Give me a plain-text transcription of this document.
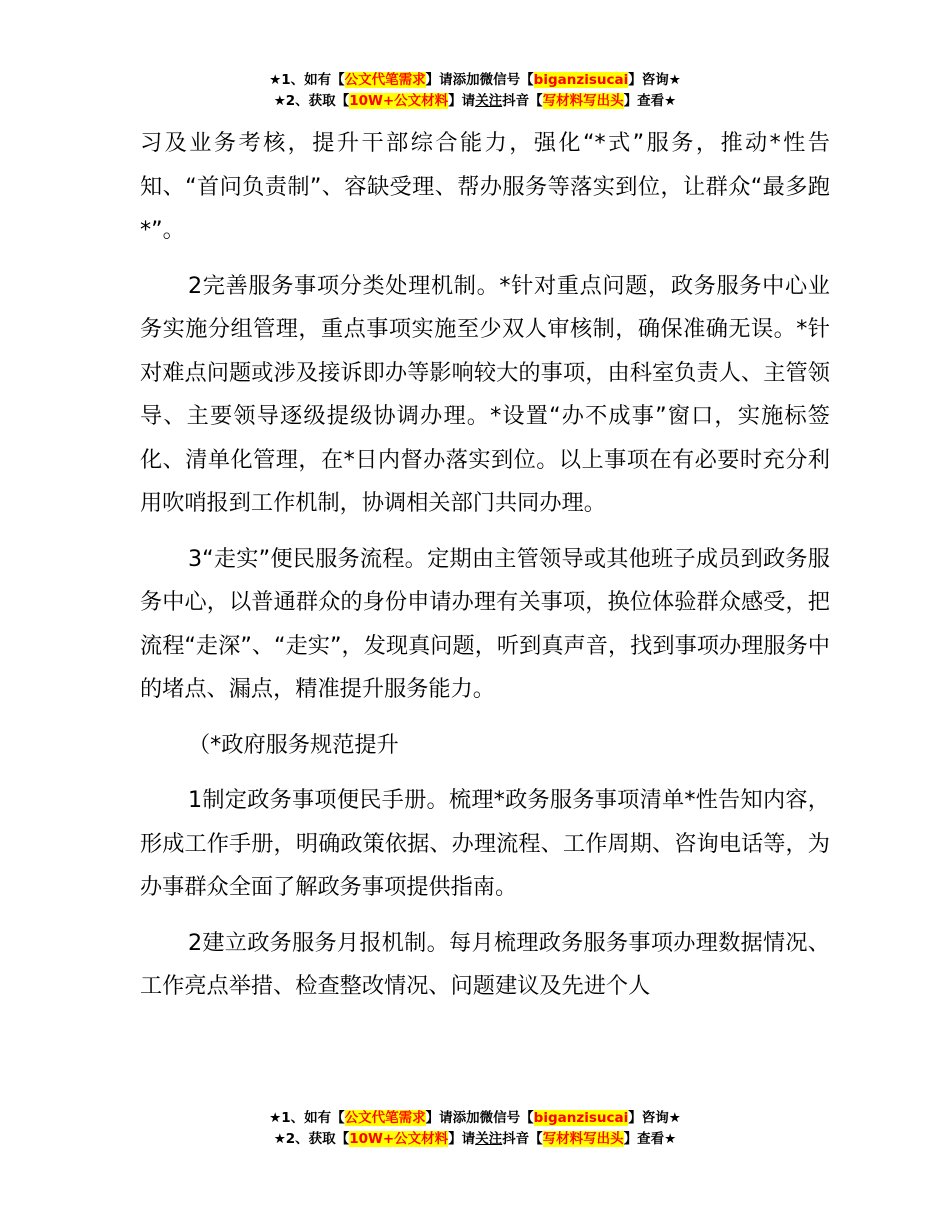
★1、如有【公文代笔需求】请添加微信号【biganzisucai】咨询★
★2、获取【10W+公文材料】请关注抖音【写材料写出头】查看★

习及业务考核，提升干部综合能力，强化“*式”服务，推动*性告知、“首问负责制”、容缺受理、帮办服务等落实到位，让群众“最多跑*”。

2完善服务事项分类处理机制。*针对重点问题，政务服务中心业务实施分组管理，重点事项实施至少双人审核制，确保准确无误。*针对难点问题或涉及接诉即办等影响较大的事项，由科室负责人、主管领导、主要领导逐级提级协调办理。*设置“办不成事”窗口，实施标签化、清单化管理，在*日内督办落实到位。以上事项在有必要时充分利用吹哨报到工作机制，协调相关部门共同办理。

3“走实”便民服务流程。定期由主管领导或其他班子成员到政务服务中心，以普通群众的身份申请办理有关事项，换位体验群众感受，把流程“走深”、“走实”，发现真问题，听到真声音，找到事项办理服务中的堵点、漏点，精准提升服务能力。

（*政府服务规范提升

1制定政务事项便民手册。梳理*政务服务事项清单*性告知内容，形成工作手册，明确政策依据、办理流程、工作周期、咨询电话等，为办事群众全面了解政务事项提供指南。

2建立政务服务月报机制。每月梳理政务服务事项办理数据情况、工作亮点举措、检查整改情况、问题建议及先进个人

★1、如有【公文代笔需求】请添加微信号【biganzisucai】咨询★
★2、获取【10W+公文材料】请关注抖音【写材料写出头】查看★
